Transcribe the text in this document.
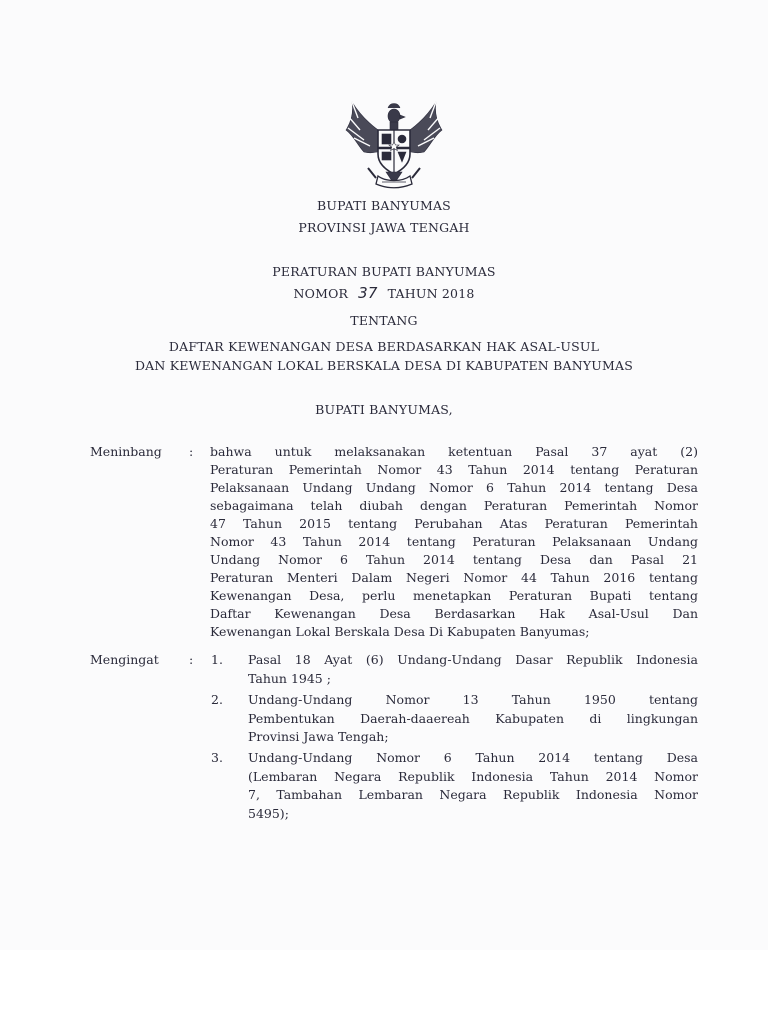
BUPATI BANYUMAS
PROVINSI JAWA TENGAH
PERATURAN BUPATI BANYUMAS
NOMOR 37 TAHUN 2018
TENTANG
DAFTAR KEWENANGAN DESA BERDASARKAN HAK ASAL-USUL
DAN KEWENANGAN LOKAL BERSKALA DESA DI KABUPATEN BANYUMAS
BUPATI BANYUMAS,
Meninbang : bahwa untuk melaksanakan ketentuan Pasal 37 ayat (2)
Peraturan Pemerintah Nomor 43 Tahun 2014 tentang Peraturan
Pelaksanaan Undang Undang Nomor 6 Tahun 2014 tentang Desa
sebagaimana telah diubah dengan Peraturan Pemerintah Nomor
47 Tahun 2015 tentang Perubahan Atas Peraturan Pemerintah
Nomor 43 Tahun 2014 tentang Peraturan Pelaksanaan Undang
Undang Nomor 6 Tahun 2014 tentang Desa dan Pasal 21
Peraturan Menteri Dalam Negeri Nomor 44 Tahun 2016 tentang
Kewenangan Desa, perlu menetapkan Peraturan Bupati tentang
Daftar Kewenangan Desa Berdasarkan Hak Asal-Usul Dan
Kewenangan Lokal Berskala Desa Di Kabupaten Banyumas;
Mengingat : 1. Pasal 18 Ayat (6) Undang-Undang Dasar Republik Indonesia
Tahun 1945 ;
2. Undang-Undang Nomor 13 Tahun 1950 tentang
Pembentukan Daerah-daaereah Kabupaten di lingkungan
Provinsi Jawa Tengah;
3. Undang-Undang Nomor 6 Tahun 2014 tentang Desa
(Lembaran Negara Republik Indonesia Tahun 2014 Nomor
7, Tambahan Lembaran Negara Republik Indonesia Nomor
5495);
